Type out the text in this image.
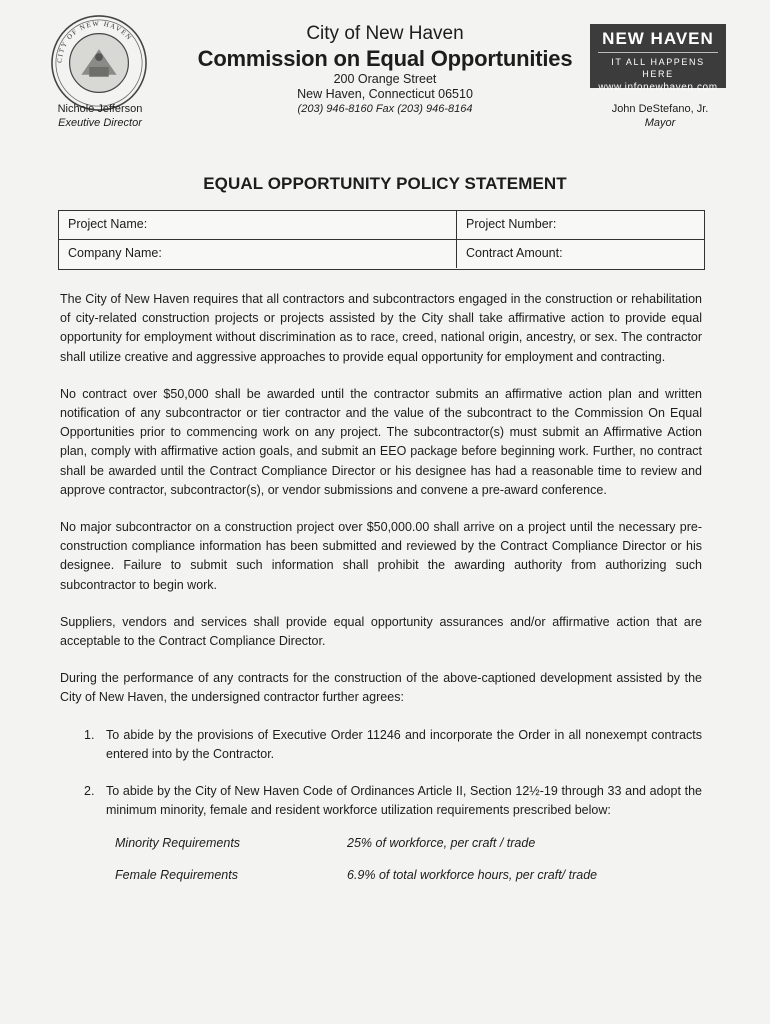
CITY OF NEW HAVEN
Nichole Jefferson
Exeutive Director
City of New Haven
Commission on Equal Opportunities
200 Orange Street
New Haven, Connecticut 06510
(203) 946-8160 Fax (203) 946-8164
NEW HAVEN
IT ALL HAPPENS HERE
www.infonewhaven.com
John DeStefano, Jr.
Mayor
EQUAL OPPORTUNITY POLICY STATEMENT
Project Name:	Project Number:
Company Name:	Contract Amount:

The City of New Haven requires that all contractors and subcontractors engaged in the construction or rehabilitation of city-related construction projects or projects assisted by the City shall take affirmative action to provide equal opportunity for employment without discrimination as to race, creed, national origin, ancestry, or sex. The contractor shall utilize creative and aggressive approaches to provide equal opportunity for employment and contracting.

No contract over $50,000 shall be awarded until the contractor submits an affirmative action plan and written notification of any subcontractor or tier contractor and the value of the subcontract to the Commission On Equal Opportunities prior to commencing work on any project. The subcontractor(s) must submit an Affirmative Action plan, comply with affirmative action goals, and submit an EEO package before beginning work. Further, no contract shall be awarded until the Contract Compliance Director or his designee has had a reasonable time to review and approve contractor, subcontractor(s), or vendor submissions and convene a pre-award conference.

No major subcontractor on a construction project over $50,000.00 shall arrive on a project until the necessary pre-construction compliance information has been submitted and reviewed by the Contract Compliance Director or his designee. Failure to submit such information shall prohibit the awarding authority from authorizing such subcontractor to begin work.

Suppliers, vendors and services shall provide equal opportunity assurances and/or affirmative action that are acceptable to the Contract Compliance Director.

During the performance of any contracts for the construction of the above-captioned development assisted by the City of New Haven, the undersigned contractor further agrees:

1. To abide by the provisions of Executive Order 11246 and incorporate the Order in all nonexempt contracts entered into by the Contractor.
2. To abide by the City of New Haven Code of Ordinances Article II, Section 12½-19 through 33 and adopt the minimum minority, female and resident workforce utilization requirements prescribed below:
Minority Requirements	25% of workforce, per craft / trade
Female Requirements	6.9% of total workforce hours, per craft/ trade
